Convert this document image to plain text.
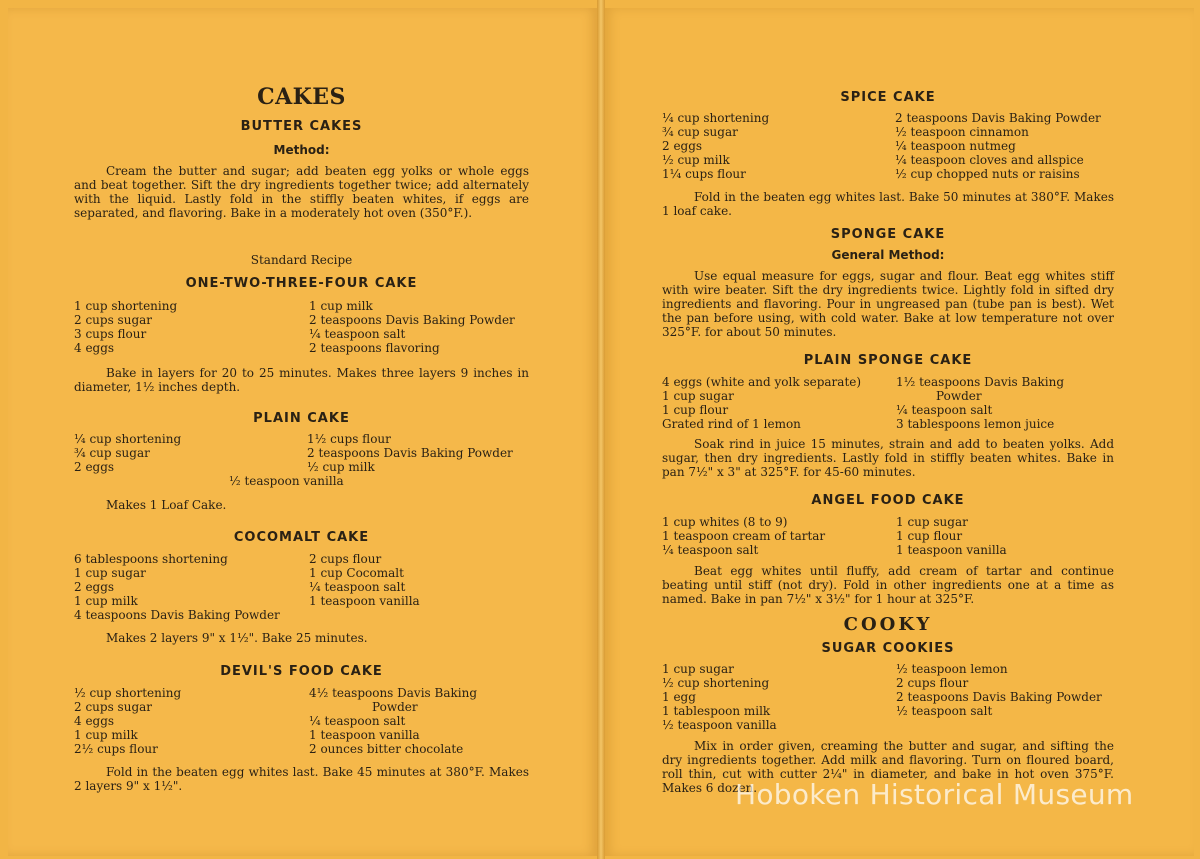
CAKES
BUTTER CAKES
Method:
Cream the butter and sugar; add beaten egg yolks or whole eggs and beat together. Sift the dry ingredients together twice; add alternately with the liquid. Lastly fold in the stiffly beaten whites, if eggs are separated, and flavoring. Bake in a moderately hot oven (350°F.).
Standard Recipe
ONE-TWO-THREE-FOUR CAKE
1 cup shortening
2 cups sugar
3 cups flour
4 eggs
1 cup milk
2 teaspoons Davis Baking Powder
¼ teaspoon salt
2 teaspoons flavoring
Bake in layers for 20 to 25 minutes. Makes three layers 9 inches in diameter, 1½ inches depth.
PLAIN CAKE
¼ cup shortening
¾ cup sugar
2 eggs
1½ cups flour
2 teaspoons Davis Baking Powder
½ cup milk
½ teaspoon vanilla
Makes 1 Loaf Cake.
COCOMALT CAKE
6 tablespoons shortening
1 cup sugar
2 eggs
1 cup milk
4 teaspoons Davis Baking Powder
2 cups flour
1 cup Cocomalt
¼ teaspoon salt
1 teaspoon vanilla
Makes 2 layers 9" x 1½". Bake 25 minutes.
DEVIL'S FOOD CAKE
½ cup shortening
2 cups sugar
4 eggs
1 cup milk
2½ cups flour
4½ teaspoons Davis Baking
Powder
¼ teaspoon salt
1 teaspoon vanilla
2 ounces bitter chocolate
Fold in the beaten egg whites last. Bake 45 minutes at 380°F. Makes 2 layers 9" x 1½".
SPICE CAKE
¼ cup shortening
¾ cup sugar
2 eggs
½ cup milk
1¼ cups flour
2 teaspoons Davis Baking Powder
½ teaspoon cinnamon
¼ teaspoon nutmeg
¼ teaspoon cloves and allspice
½ cup chopped nuts or raisins
Fold in the beaten egg whites last. Bake 50 minutes at 380°F. Makes 1 loaf cake.
SPONGE CAKE
General Method:
Use equal measure for eggs, sugar and flour. Beat egg whites stiff with wire beater. Sift the dry ingredients twice. Lightly fold in sifted dry ingredients and flavoring. Pour in ungreased pan (tube pan is best). Wet the pan before using, with cold water. Bake at low temperature not over 325°F. for about 50 minutes.
PLAIN SPONGE CAKE
4 eggs (white and yolk separate)
1 cup sugar
1 cup flour
Grated rind of 1 lemon
1½ teaspoons Davis Baking
Powder
¼ teaspoon salt
3 tablespoons lemon juice
Soak rind in juice 15 minutes, strain and add to beaten yolks. Add sugar, then dry ingredients. Lastly fold in stiffly beaten whites. Bake in pan 7½" x 3" at 325°F. for 45-60 minutes.
ANGEL FOOD CAKE
1 cup whites (8 to 9)
1 teaspoon cream of tartar
¼ teaspoon salt
1 cup sugar
1 cup flour
1 teaspoon vanilla
Beat egg whites until fluffy, add cream of tartar and continue beating until stiff (not dry). Fold in other ingredients one at a time as named. Bake in pan 7½" x 3½" for 1 hour at 325°F.
COOKY
SUGAR COOKIES
1 cup sugar
½ cup shortening
1 egg
1 tablespoon milk
½ teaspoon vanilla
½ teaspoon lemon
2 cups flour
2 teaspoons Davis Baking Powder
½ teaspoon salt
Mix in order given, creaming the butter and sugar, and sifting the dry ingredients together. Add milk and flavoring. Turn on floured board, roll thin, cut with cutter 2¼" in diameter, and bake in hot oven 375°F. Makes 6 dozen.
Hoboken Historical Museum
